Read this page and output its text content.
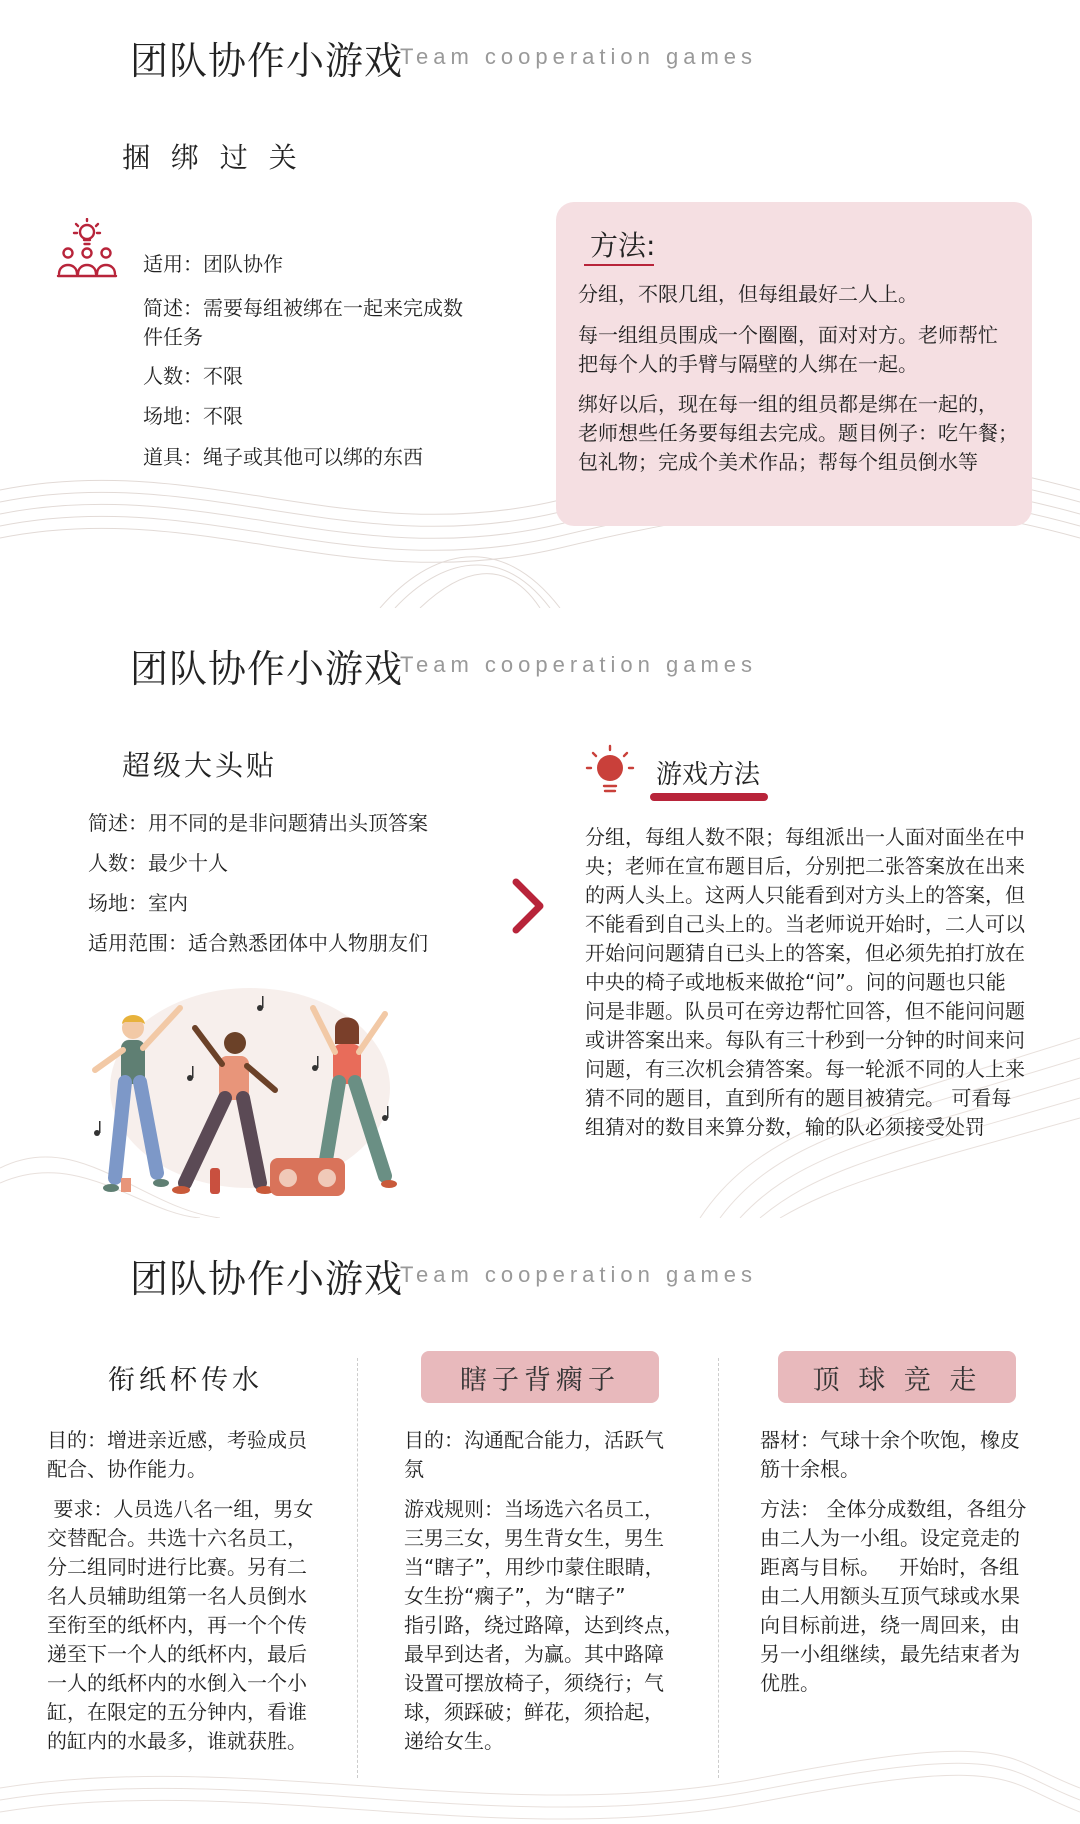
团队协作小游戏
Team cooperation games
捆 绑 过 关
适用：团队协作
简述：需要每组被绑在一起来完成数
件任务
人数：不限
场地：不限
道具：绳子或其他可以绑的东西
方法:
分组，不限几组，但每组最好二人上。
每一组组员围成一个圈圈，面对对方。老师帮忙
把每个人的手臂与隔壁的人绑在一起。
绑好以后，现在每一组的组员都是绑在一起的，
老师想些任务要每组去完成。题目例子：吃午餐；
包礼物；完成个美术作品；帮每个组员倒水等
团队协作小游戏
Team cooperation games
超级大头贴
简述：用不同的是非问题猜出头顶答案
人数：最少十人
场地：室内
适用范围：适合熟悉团体中人物朋友们
游戏方法
分组，每组人数不限；每组派出一人面对面坐在中
央；老师在宣布题目后，分别把二张答案放在出来
的两人头上。这两人只能看到对方头上的答案，但
不能看到自己头上的。当老师说开始时，二人可以
开始问问题猜自已头上的答案，但必须先拍打放在
中央的椅子或地板来做抢“问”。问的问题也只能
问是非题。队员可在旁边帮忙回答，但不能问问题
或讲答案出来。每队有三十秒到一分钟的时间来问
问题，有三次机会猜答案。每一轮派不同的人上来
猜不同的题目，直到所有的题目被猜完。 可看每
组猜对的数目来算分数，输的队必须接受处罚
团队协作小游戏
Team cooperation games
衔纸杯传水
目的：增进亲近感，考验成员
配合、协作能力。
要求：人员选八名一组，男女
交替配合。共选十六名员工，
分二组同时进行比赛。另有二
名人员辅助组第一名人员倒水
至衔至的纸杯内，再一个个传
递至下一个人的纸杯内，最后
一人的纸杯内的水倒入一个小
缸，在限定的五分钟内，看谁
的缸内的水最多，谁就获胜。
瞎子背瘸子
目的：沟通配合能力，活跃气
氛
游戏规则：当场选六名员工，
三男三女，男生背女生，男生
当“瞎子”，用纱巾蒙住眼睛，
女生扮“瘸子”，为“瞎子”
指引路，绕过路障，达到终点，
最早到达者，为赢。其中路障
设置可摆放椅子，须绕行；气
球，须踩破；鲜花，须拾起，
递给女生。
顶 球 竞 走
器材：气球十余个吹饱，橡皮
筋十余根。
方法： 全体分成数组，各组分
由二人为一小组。设定竞走的
距离与目标。   开始时，各组
由二人用额头互顶气球或水果
向目标前进，绕一周回来，由
另一小组继续，最先结束者为
优胜。
